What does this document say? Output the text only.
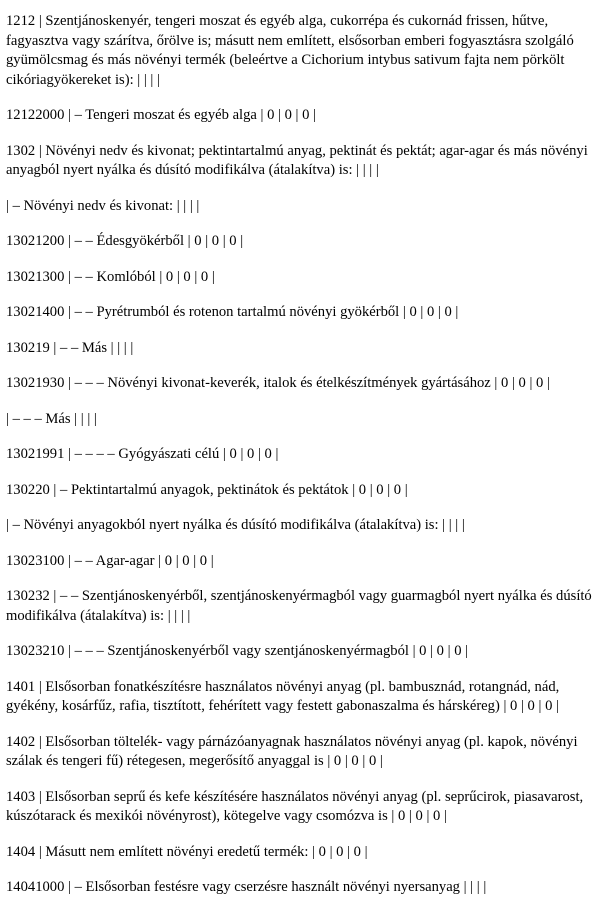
1212 | Szentjánoskenyér, tengeri moszat és egyéb alga, cukorrépa és cukornád frissen, hűtve, fagyasztva vagy szárítva, őrölve is; másutt nem említett, elsősorban emberi fogyasztásra szolgáló gyümölcsmag és más növényi termék (beleértve a Cichorium intybus sativum fajta nem pörkölt cikóriagyökereket is): | | | |

12122000 | – Tengeri moszat és egyéb alga | 0 | 0 | 0 |

1302 | Növényi nedv és kivonat; pektintartalmú anyag, pektinát és pektát; agar-agar és más növényi anyagból nyert nyálka és dúsító modifikálva (átalakítva) is: | | | |

| – Növényi nedv és kivonat: | | | |

13021200 | – – Édesgyökérből | 0 | 0 | 0 |

13021300 | – – Komlóból | 0 | 0 | 0 |

13021400 | – – Pyrétrumból és rotenon tartalmú növényi gyökérből | 0 | 0 | 0 |

130219 | – – Más | | | |

13021930 | – – – Növényi kivonat-keverék, italok és ételkészítmények gyártásához | 0 | 0 | 0 |

| – – – Más | | | |

13021991 | – – – – Gyógyászati célú | 0 | 0 | 0 |

130220 | – Pektintartalmú anyagok, pektinátok és pektátok | 0 | 0 | 0 |

| – Növényi anyagokból nyert nyálka és dúsító modifikálva (átalakítva) is: | | | |

13023100 | – – Agar-agar | 0 | 0 | 0 |

130232 | – – Szentjánoskenyérből, szentjánoskenyérmagból vagy guarmagból nyert nyálka és dúsító modifikálva (átalakítva) is: | | | |

13023210 | – – – Szentjánoskenyérből vagy szentjánoskenyérmagból | 0 | 0 | 0 |

1401 | Elsősorban fonatkészítésre használatos növényi anyag (pl. bambusznád, rotangnád, nád, gyékény, kosárfűz, rafia, tisztított, fehérített vagy festett gabonaszalma és hárskéreg) | 0 | 0 | 0 |

1402 | Elsősorban töltelék- vagy párnázóanyagnak használatos növényi anyag (pl. kapok, növényi szálak és tengeri fű) rétegesen, megerősítő anyaggal is | 0 | 0 | 0 |

1403 | Elsősorban seprű és kefe készítésére használatos növényi anyag (pl. seprűcirok, piasavarost, kúszótarack és mexikói növényrost), kötegelve vagy csomózva is | 0 | 0 | 0 |

1404 | Másutt nem említett növényi eredetű termék: | 0 | 0 | 0 |

14041000 | – Elsősorban festésre vagy cserzésre használt növényi nyersanyag | | | |
